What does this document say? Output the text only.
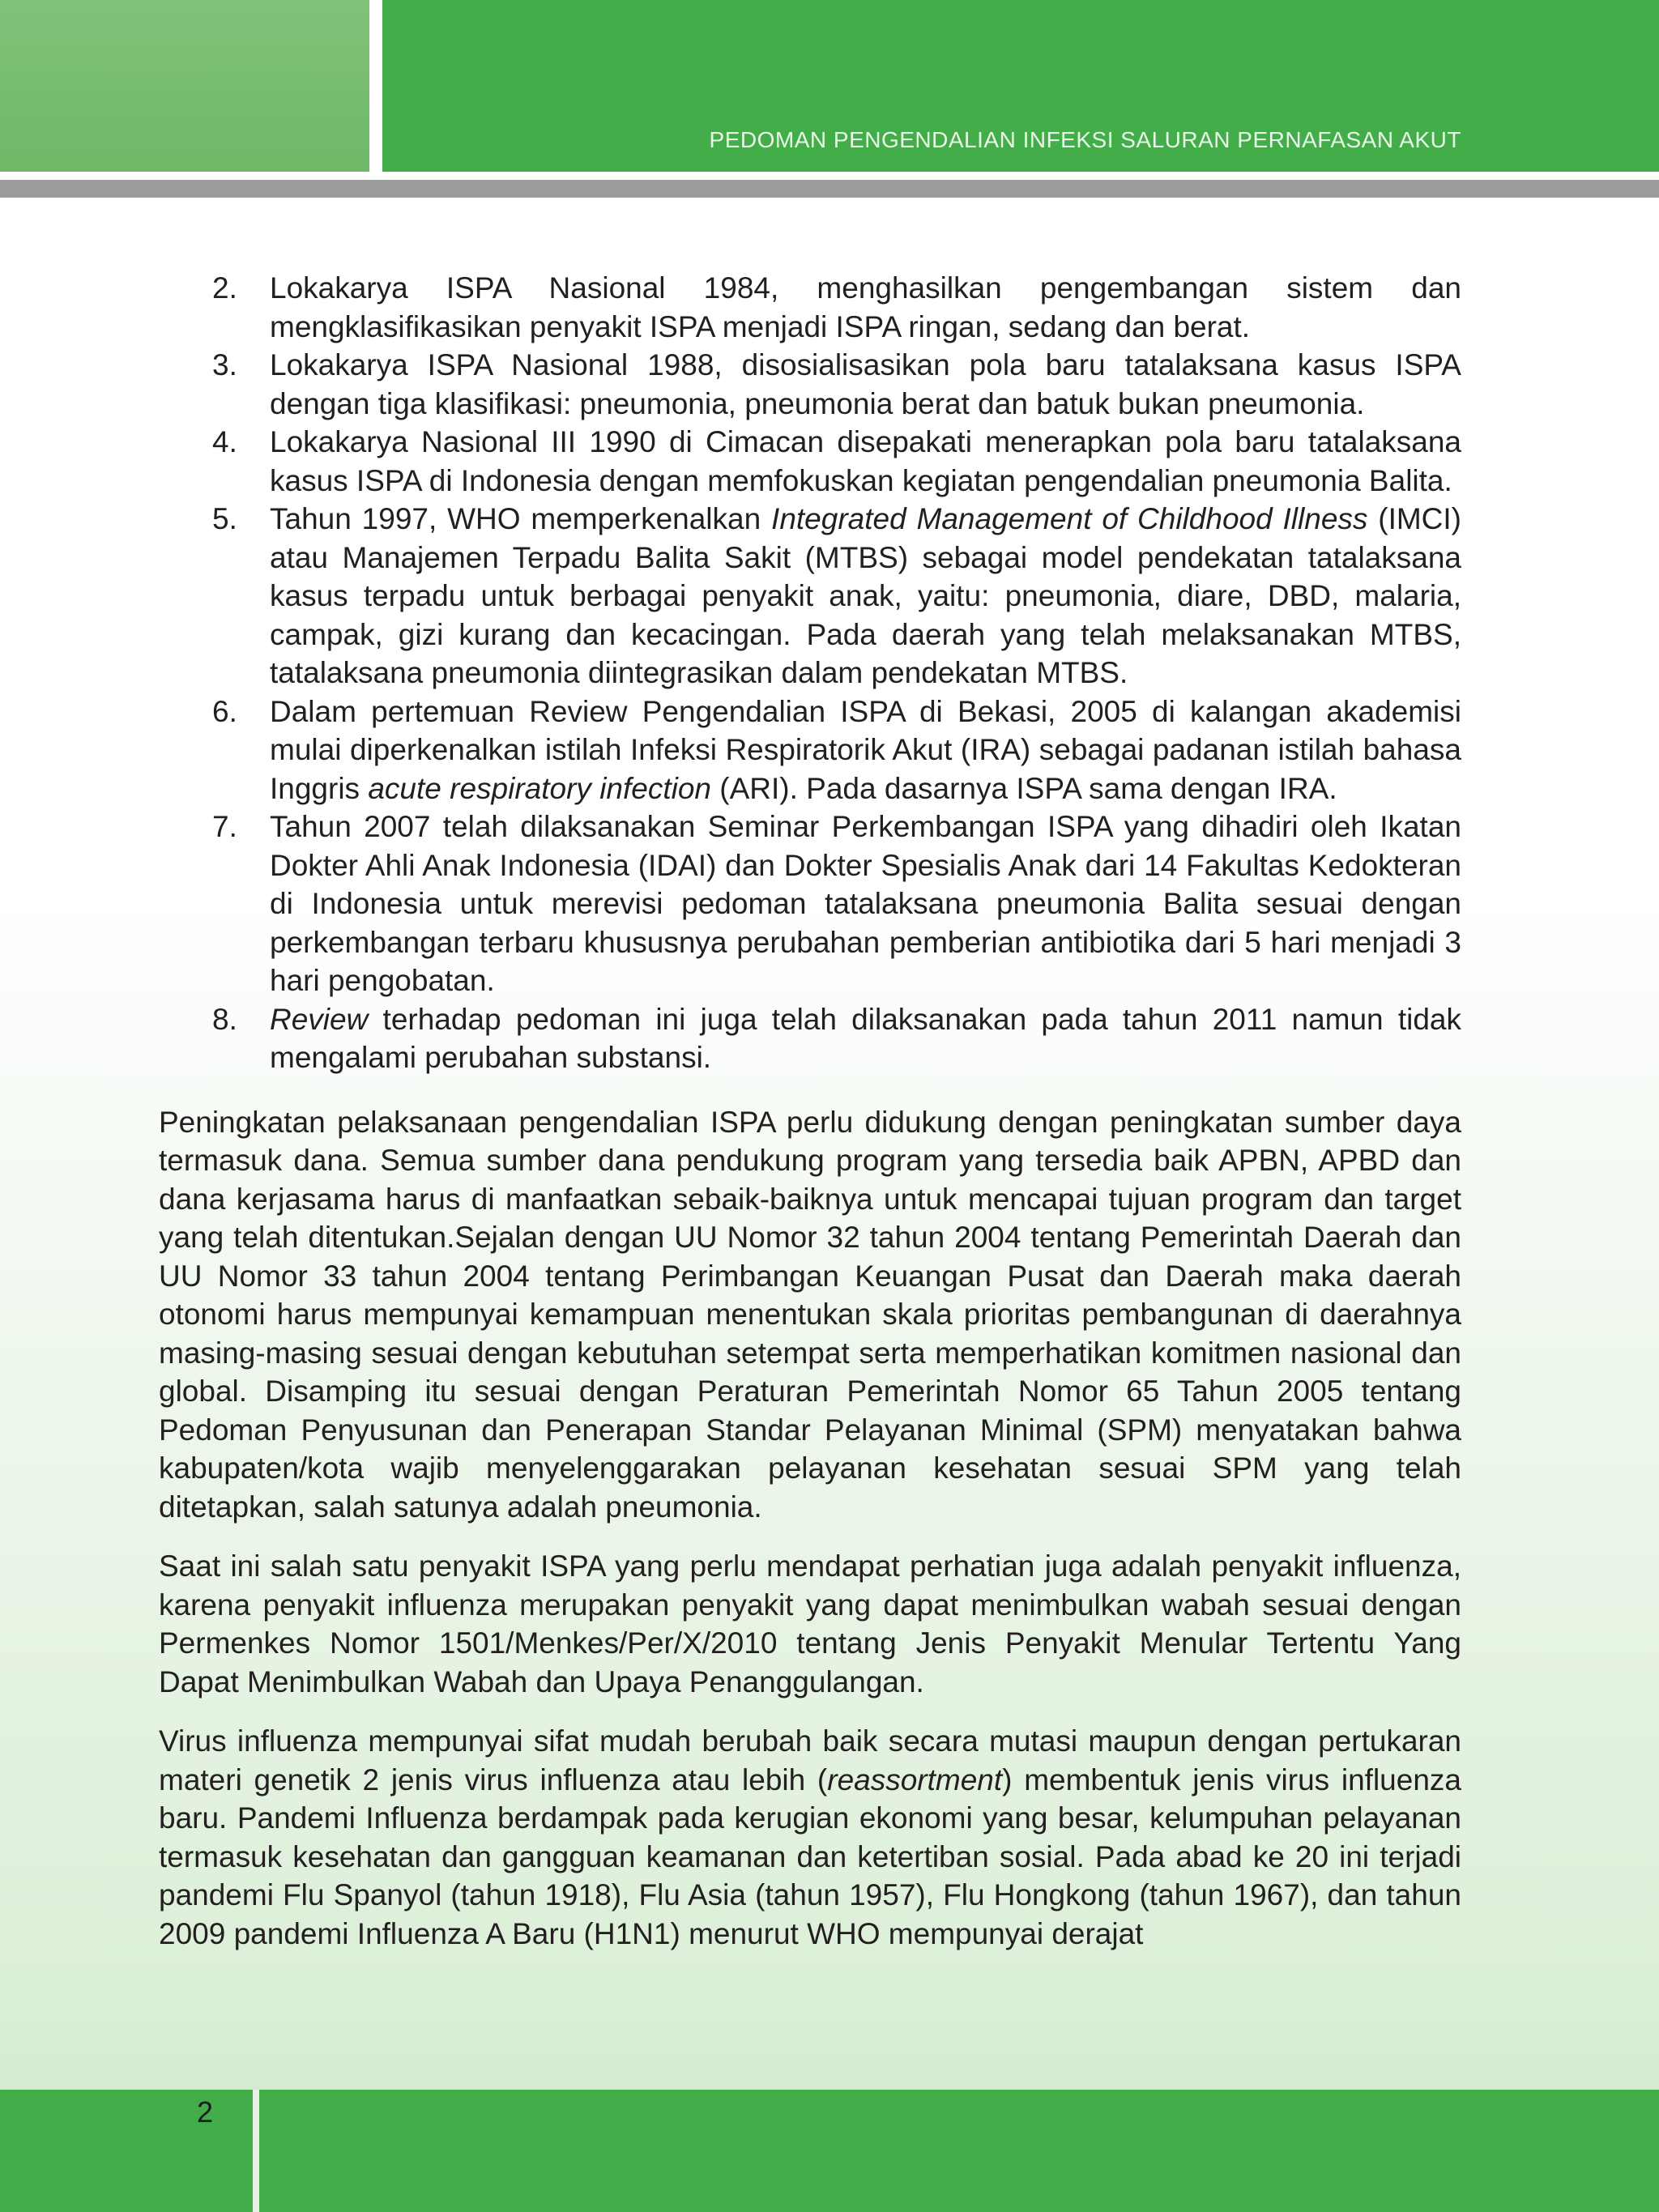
PEDOMAN PENGENDALIAN INFEKSI SALURAN PERNAFASAN AKUT
2. Lokakarya ISPA Nasional 1984, menghasilkan pengembangan sistem dan mengklasifikasikan penyakit ISPA menjadi ISPA ringan, sedang dan berat.
3. Lokakarya ISPA Nasional 1988, disosialisasikan pola baru tatalaksana kasus ISPA dengan tiga klasifikasi: pneumonia, pneumonia berat dan batuk bukan pneumonia.
4. Lokakarya Nasional III 1990 di Cimacan disepakati menerapkan pola baru tatalaksana kasus ISPA di Indonesia dengan memfokuskan kegiatan pengendalian pneumonia Balita.
5. Tahun 1997, WHO memperkenalkan Integrated Management of Childhood Illness (IMCI) atau Manajemen Terpadu Balita Sakit (MTBS) sebagai model pendekatan tatalaksana kasus terpadu untuk berbagai penyakit anak, yaitu: pneumonia, diare, DBD, malaria, campak, gizi kurang dan kecacingan. Pada daerah yang telah melaksanakan MTBS, tatalaksana pneumonia diintegrasikan dalam pendekatan MTBS.
6. Dalam pertemuan Review Pengendalian ISPA di Bekasi, 2005 di kalangan akademisi mulai diperkenalkan istilah Infeksi Respiratorik Akut (IRA) sebagai padanan istilah bahasa Inggris acute respiratory infection (ARI). Pada dasarnya ISPA sama dengan IRA.
7. Tahun 2007 telah dilaksanakan Seminar Perkembangan ISPA yang dihadiri oleh Ikatan Dokter Ahli Anak Indonesia (IDAI) dan Dokter Spesialis Anak dari 14 Fakultas Kedokteran di Indonesia untuk merevisi pedoman tatalaksana pneumonia Balita sesuai dengan perkembangan terbaru khususnya perubahan pemberian antibiotika dari 5 hari menjadi 3 hari pengobatan.
8. Review terhadap pedoman ini juga telah dilaksanakan pada tahun 2011 namun tidak mengalami perubahan substansi.

Peningkatan pelaksanaan pengendalian ISPA perlu didukung dengan peningkatan sumber daya termasuk dana. Semua sumber dana pendukung program yang tersedia baik APBN, APBD dan dana kerjasama harus di manfaatkan sebaik-baiknya untuk mencapai tujuan program dan target yang telah ditentukan.Sejalan dengan UU Nomor 32 tahun 2004 tentang Pemerintah Daerah dan UU Nomor 33 tahun 2004 tentang Perimbangan Keuangan Pusat dan Daerah maka daerah otonomi harus mempunyai kemampuan menentukan skala prioritas pembangunan di daerahnya masing-masing sesuai dengan kebutuhan setempat serta memperhatikan komitmen nasional dan global. Disamping itu sesuai dengan Peraturan Pemerintah Nomor 65 Tahun 2005 tentang Pedoman Penyusunan dan Penerapan Standar Pelayanan Minimal (SPM) menyatakan bahwa kabupaten/kota wajib menyelenggarakan pelayanan kesehatan sesuai SPM yang telah ditetapkan, salah satunya adalah pneumonia.

Saat ini salah satu penyakit ISPA yang perlu mendapat perhatian juga adalah penyakit influenza, karena penyakit influenza merupakan penyakit yang dapat menimbulkan wabah sesuai dengan Permenkes Nomor 1501/Menkes/Per/X/2010 tentang Jenis Penyakit Menular Tertentu Yang Dapat Menimbulkan Wabah dan Upaya Penanggulangan.

Virus influenza mempunyai sifat mudah berubah baik secara mutasi maupun dengan pertukaran materi genetik 2 jenis virus influenza atau lebih (reassortment) membentuk jenis virus influenza baru. Pandemi Influenza berdampak pada kerugian ekonomi yang besar, kelumpuhan pelayanan termasuk kesehatan dan gangguan keamanan dan ketertiban sosial. Pada abad ke 20 ini terjadi pandemi Flu Spanyol (tahun 1918), Flu Asia (tahun 1957), Flu Hongkong (tahun 1967), dan tahun 2009 pandemi Influenza A Baru (H1N1) menurut WHO mempunyai derajat

2
